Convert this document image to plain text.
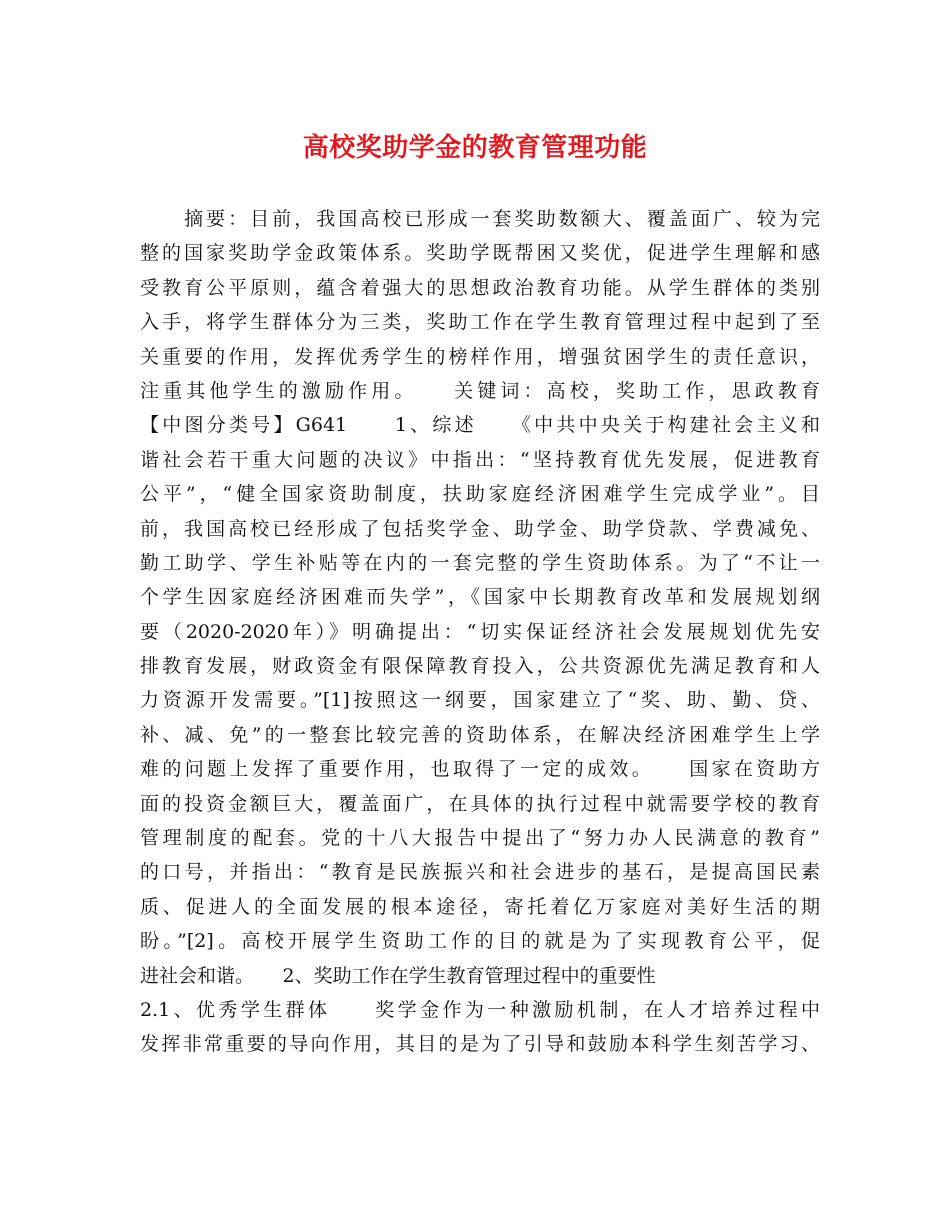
高校奖助学金的教育管理功能
　　摘要：目前，我国高校已形成一套奖助数额大、覆盖面广、较为完
整的国家奖助学金政策体系。奖助学既帮困又奖优，促进学生理解和感
受教育公平原则，蕴含着强大的思想政治教育功能。从学生群体的类别
入手，将学生群体分为三类，奖助工作在学生教育管理过程中起到了至
关重要的作用，发挥优秀学生的榜样作用，增强贫困学生的责任意识，
注重其他学生的激励作用。　　关键词：高校，奖助工作，思政教育
【中图分类号】G641　　1、综述　　《中共中央关于构建社会主义和
谐社会若干重大问题的决议》中指出：“坚持教育优先发展，促进教育
公平”，“健全国家资助制度，扶助家庭经济困难学生完成学业”。目
前，我国高校已经形成了包括奖学金、助学金、助学贷款、学费减免、
勤工助学、学生补贴等在内的一套完整的学生资助体系。为了“不让一
个学生因家庭经济困难而失学”，《国家中长期教育改革和发展规划纲
要（2020-2020年）》明确提出：“切实保证经济社会发展规划优先安
排教育发展，财政资金有限保障教育投入，公共资源优先满足教育和人
力资源开发需要。”[1]按照这一纲要，国家建立了“奖、助、勤、贷、
补、减、免”的一整套比较完善的资助体系，在解决经济困难学生上学
难的问题上发挥了重要作用，也取得了一定的成效。　　国家在资助方
面的投资金额巨大，覆盖面广，在具体的执行过程中就需要学校的教育
管理制度的配套。党的十八大报告中提出了“努力办人民满意的教育”
的口号，并指出：“教育是民族振兴和社会进步的基石，是提高国民素
质、促进人的全面发展的根本途径，寄托着亿万家庭对美好生活的期
盼。”[2]。高校开展学生资助工作的目的就是为了实现教育公平，促
进社会和谐。　　2、奖助工作在学生教育管理过程中的重要性
2.1、优秀学生群体　　奖学金作为一种激励机制，在人才培养过程中
发挥非常重要的导向作用，其目的是为了引导和鼓励本科学生刻苦学习、
